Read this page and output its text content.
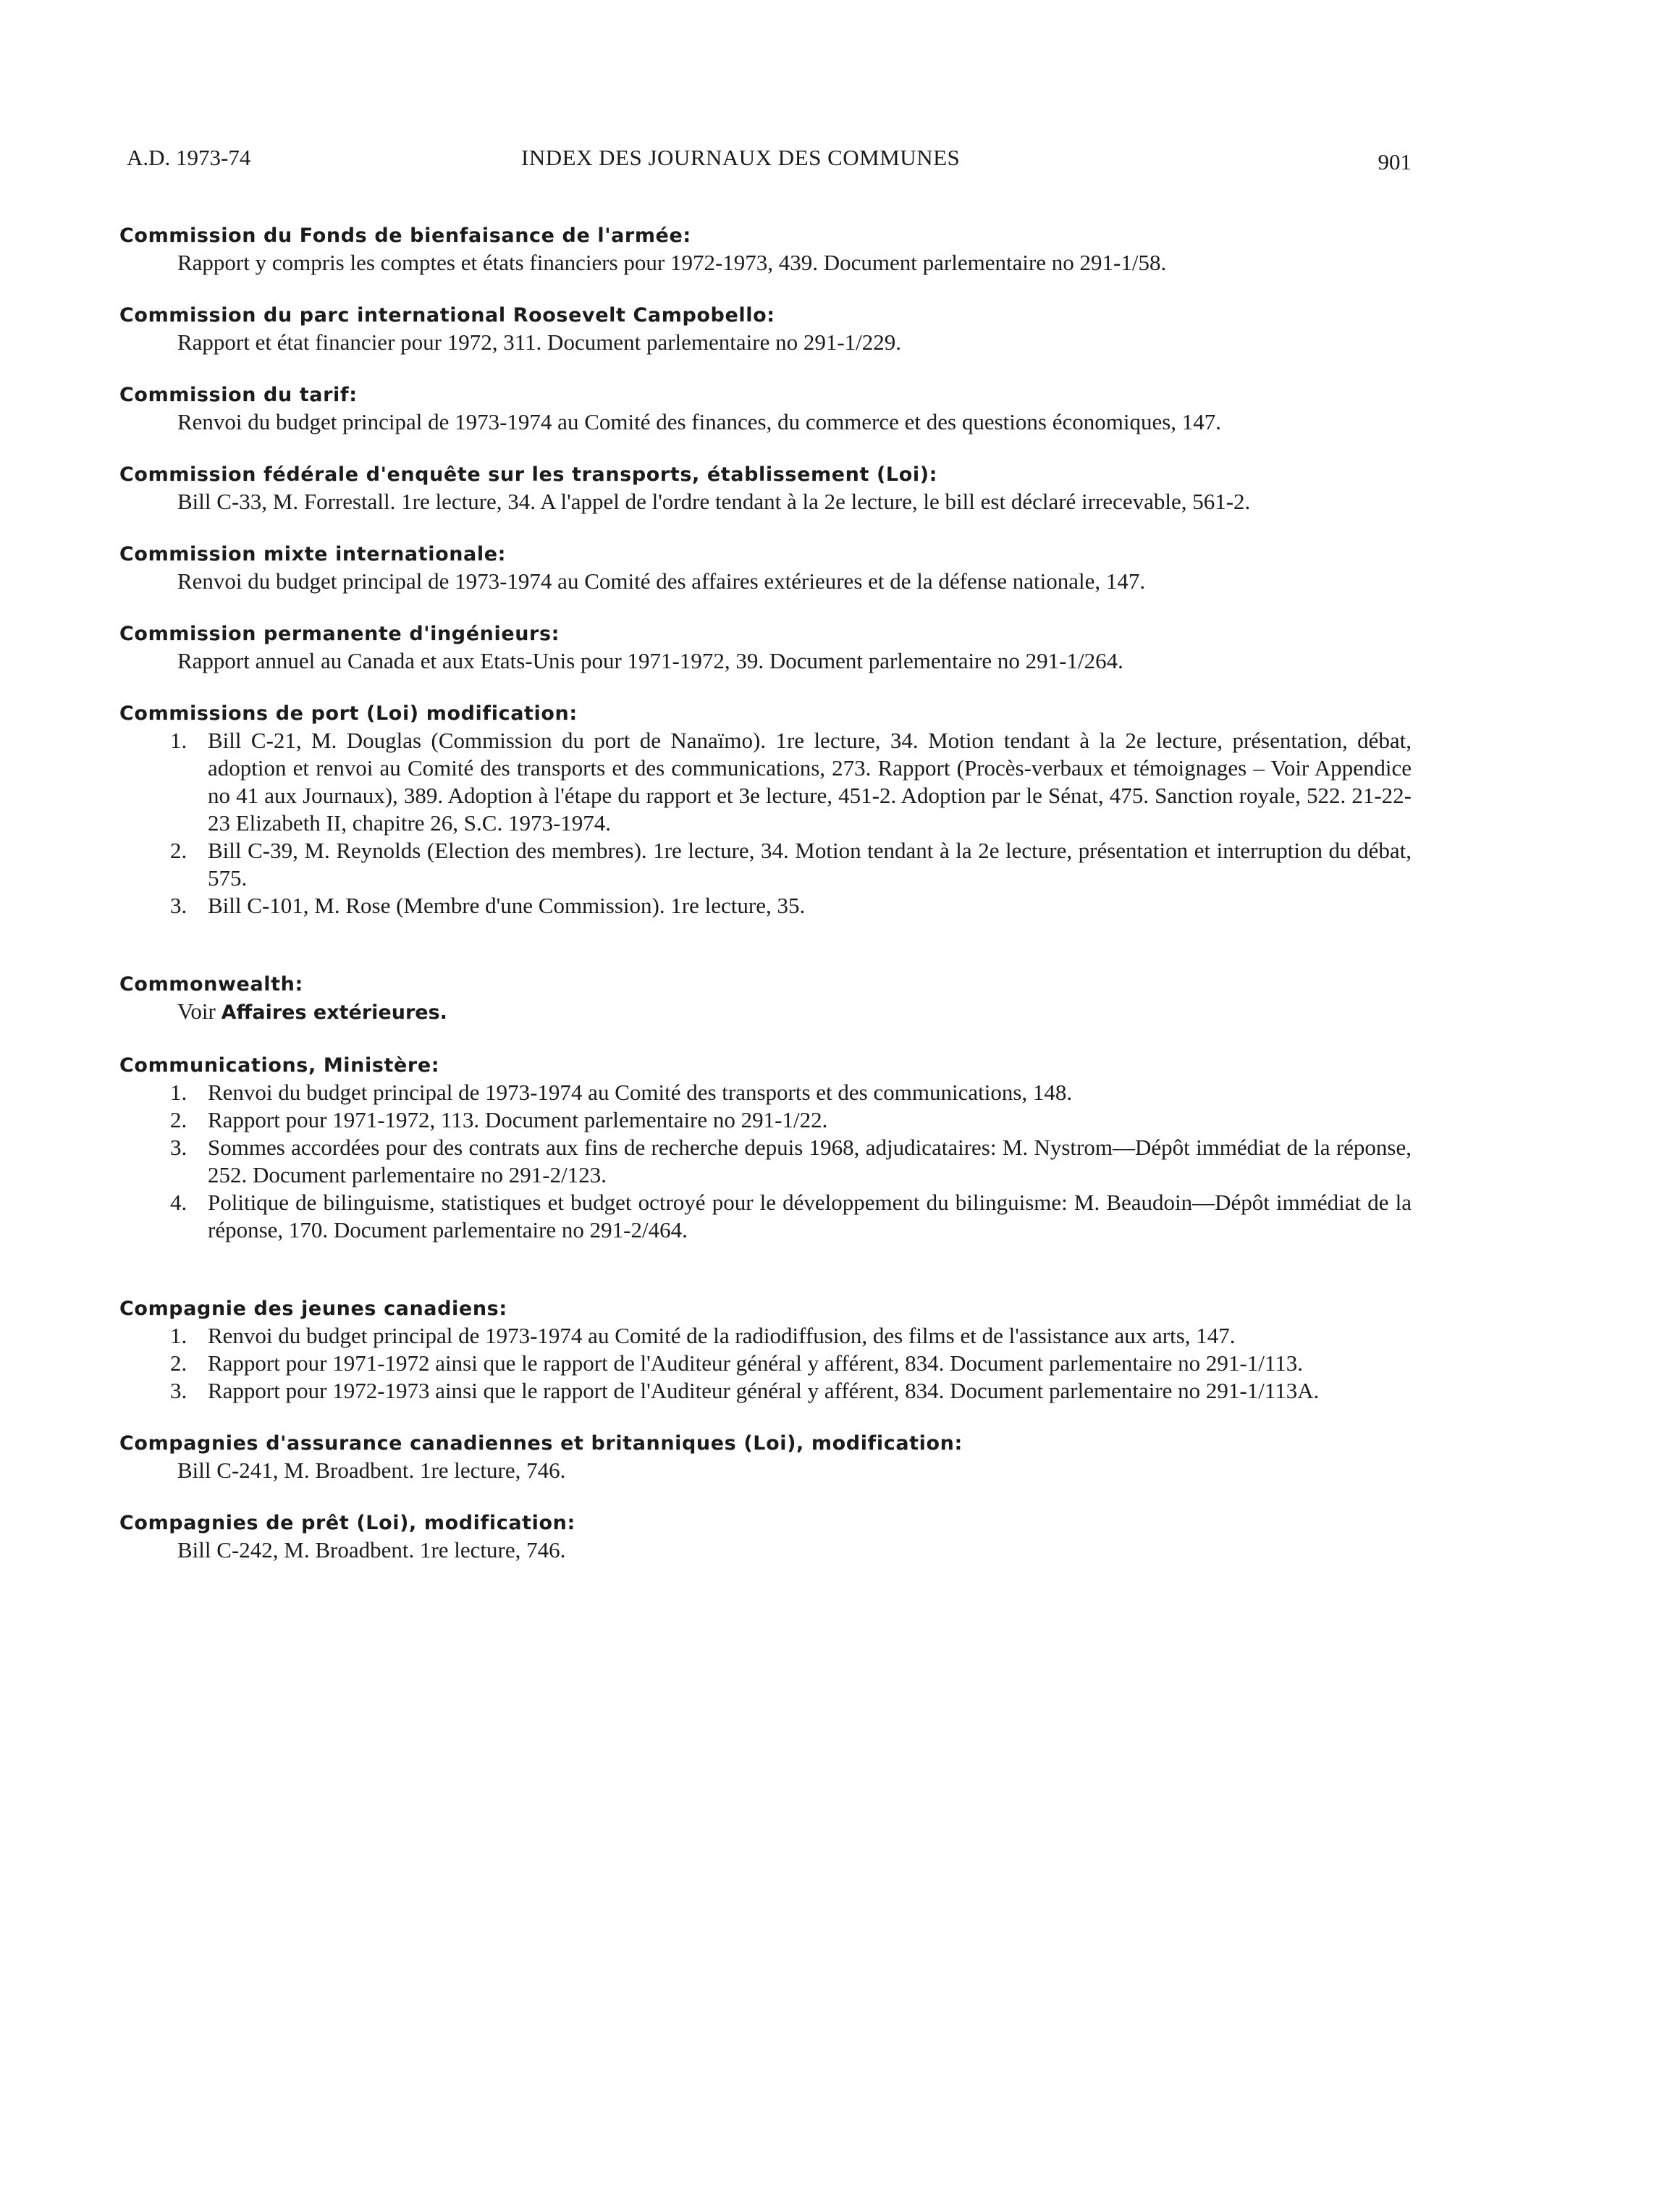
A.D. 1973-74	INDEX DES JOURNAUX DES COMMUNES	901
Commission du Fonds de bienfaisance de l'armée:
Rapport y compris les comptes et états financiers pour 1972-1973, 439. Document parlementaire no 291-1/58.
Commission du parc international Roosevelt Campobello:
Rapport et état financier pour 1972, 311. Document parlementaire no 291-1/229.
Commission du tarif:
Renvoi du budget principal de 1973-1974 au Comité des finances, du commerce et des questions économiques, 147.
Commission fédérale d'enquête sur les transports, établissement (Loi):
Bill C-33, M. Forrestall. 1re lecture, 34. A l'appel de l'ordre tendant à la 2e lecture, le bill est déclaré irrecevable, 561-2.
Commission mixte internationale:
Renvoi du budget principal de 1973-1974 au Comité des affaires extérieures et de la défense nationale, 147.
Commission permanente d'ingénieurs:
Rapport annuel au Canada et aux Etats-Unis pour 1971-1972, 39. Document parlementaire no 291-1/264.
Commissions de port (Loi) modification:
1. Bill C-21, M. Douglas (Commission du port de Nanaïmo). 1re lecture, 34. Motion tendant à la 2e lecture, présentation, débat, adoption et renvoi au Comité des transports et des communications, 273. Rapport (Procès-verbaux et témoignages – Voir Appendice no 41 aux Journaux), 389. Adoption à l'étape du rapport et 3e lecture, 451-2. Adoption par le Sénat, 475. Sanction royale, 522. 21-22-23 Elizabeth II, chapitre 26, S.C. 1973-1974.
2. Bill C-39, M. Reynolds (Election des membres). 1re lecture, 34. Motion tendant à la 2e lecture, présentation et interruption du débat, 575.
3. Bill C-101, M. Rose (Membre d'une Commission). 1re lecture, 35.
Commonwealth:
Voir Affaires extérieures.
Communications, Ministère:
1. Renvoi du budget principal de 1973-1974 au Comité des transports et des communications, 148.
2. Rapport pour 1971-1972, 113. Document parlementaire no 291-1/22.
3. Sommes accordées pour des contrats aux fins de recherche depuis 1968, adjudicataires: M. Nystrom—Dépôt immédiat de la réponse, 252. Document parlementaire no 291-2/123.
4. Politique de bilinguisme, statistiques et budget octroyé pour le développement du bilinguisme: M. Beaudoin—Dépôt immédiat de la réponse, 170. Document parlementaire no 291-2/464.
Compagnie des jeunes canadiens:
1. Renvoi du budget principal de 1973-1974 au Comité de la radiodiffusion, des films et de l'assistance aux arts, 147.
2. Rapport pour 1971-1972 ainsi que le rapport de l'Auditeur général y afférent, 834. Document parlementaire no 291-1/113.
3. Rapport pour 1972-1973 ainsi que le rapport de l'Auditeur général y afférent, 834. Document parlementaire no 291-1/113A.
Compagnies d'assurance canadiennes et britanniques (Loi), modification:
Bill C-241, M. Broadbent. 1re lecture, 746.
Compagnies de prêt (Loi), modification:
Bill C-242, M. Broadbent. 1re lecture, 746.
